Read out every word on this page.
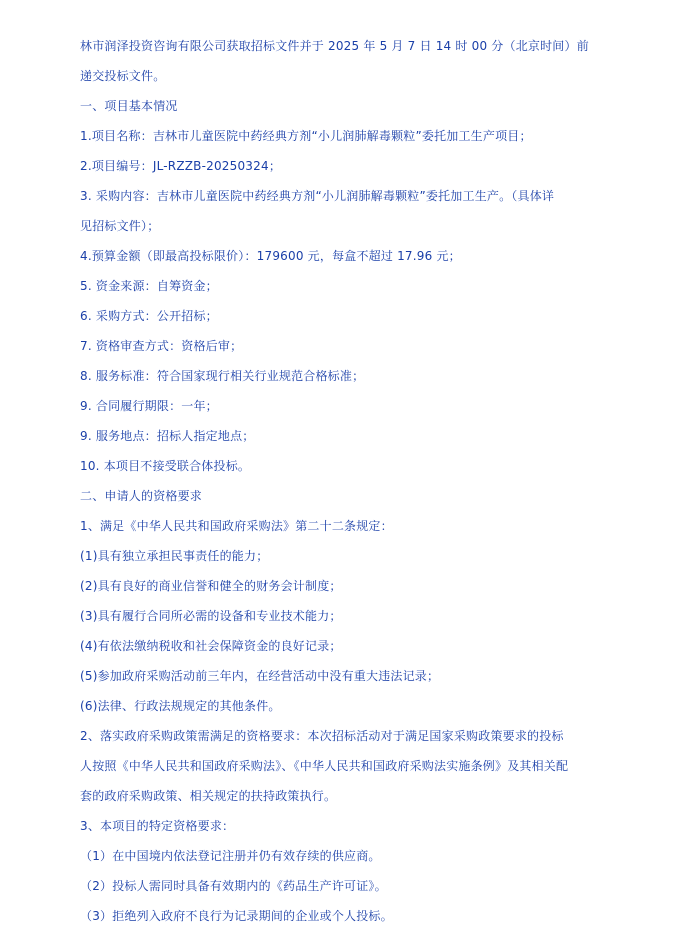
林市润泽投资咨询有限公司获取招标文件并于 2025 年 5 月 7 日 14 时 00 分（北京时间）前
递交投标文件。
一、项目基本情况
1.项目名称：吉林市儿童医院中药经典方剂“小儿润肺解毒颗粒”委托加工生产项目；
2.项目编号：JL-RZZB-20250324；
3. 采购内容：吉林市儿童医院中药经典方剂“小儿润肺解毒颗粒”委托加工生产。（具体详
见招标文件）；
4.预算金额（即最高投标限价）：179600 元，每盒不超过 17.96 元；
5. 资金来源：自筹资金；
6. 采购方式：公开招标；
7. 资格审查方式：资格后审；
8. 服务标准：符合国家现行相关行业规范合格标准；
9. 合同履行期限：一年；
9. 服务地点：招标人指定地点；
10. 本项目不接受联合体投标。
二、申请人的资格要求
1、满足《中华人民共和国政府采购法》第二十二条规定：
(1)具有独立承担民事责任的能力；
(2)具有良好的商业信誉和健全的财务会计制度；
(3)具有履行合同所必需的设备和专业技术能力；
(4)有依法缴纳税收和社会保障资金的良好记录；
(5)参加政府采购活动前三年内，在经营活动中没有重大违法记录；
(6)法律、行政法规规定的其他条件。
2、落实政府采购政策需满足的资格要求：本次招标活动对于满足国家采购政策要求的投标
人按照《中华人民共和国政府采购法》、《中华人民共和国政府采购法实施条例》及其相关配
套的政府采购政策、相关规定的扶持政策执行。
3、本项目的特定资格要求：
（1）在中国境内依法登记注册并仍有效存续的供应商。
（2）投标人需同时具备有效期内的《药品生产许可证》。
（3）拒绝列入政府不良行为记录期间的企业或个人投标。
